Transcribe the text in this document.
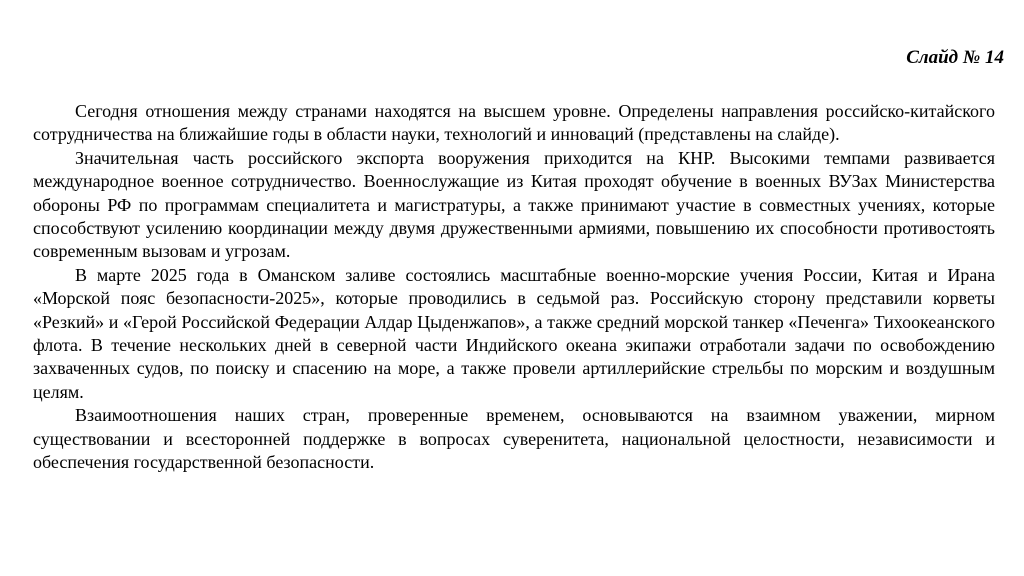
Слайд № 14

Сегодня отношения между странами находятся на высшем уровне. Определены направления российско-китайского сотрудничества на ближайшие годы в области науки, технологий и инноваций (представлены на слайде).

Значительная часть российского экспорта вооружения приходится на КНР. Высокими темпами развивается международное военное сотрудничество. Военнослужащие из Китая проходят обучение в военных ВУЗах Министерства обороны РФ по программам специалитета и магистратуры, а также принимают участие в совместных учениях, которые способствуют усилению координации между двумя дружественными армиями, повышению их способности противостоять современным вызовам и угрозам.

В марте 2025 года в Оманском заливе состоялись масштабные военно-морские учения России, Китая и Ирана «Морской пояс безопасности-2025», которые проводились в седьмой раз. Российскую сторону представили корветы «Резкий» и «Герой Российской Федерации Алдар Цыденжапов», а также средний морской танкер «Печенга» Тихоокеанского флота. В течение нескольких дней в северной части Индийского океана экипажи отработали задачи по освобождению захваченных судов, по поиску и спасению на море, а также провели артиллерийские стрельбы по морским и воздушным целям.

Взаимоотношения наших стран, проверенные временем, основываются на взаимном уважении, мирном существовании и всесторонней поддержке в вопросах суверенитета, национальной целостности, независимости и обеспечения государственной безопасности.
